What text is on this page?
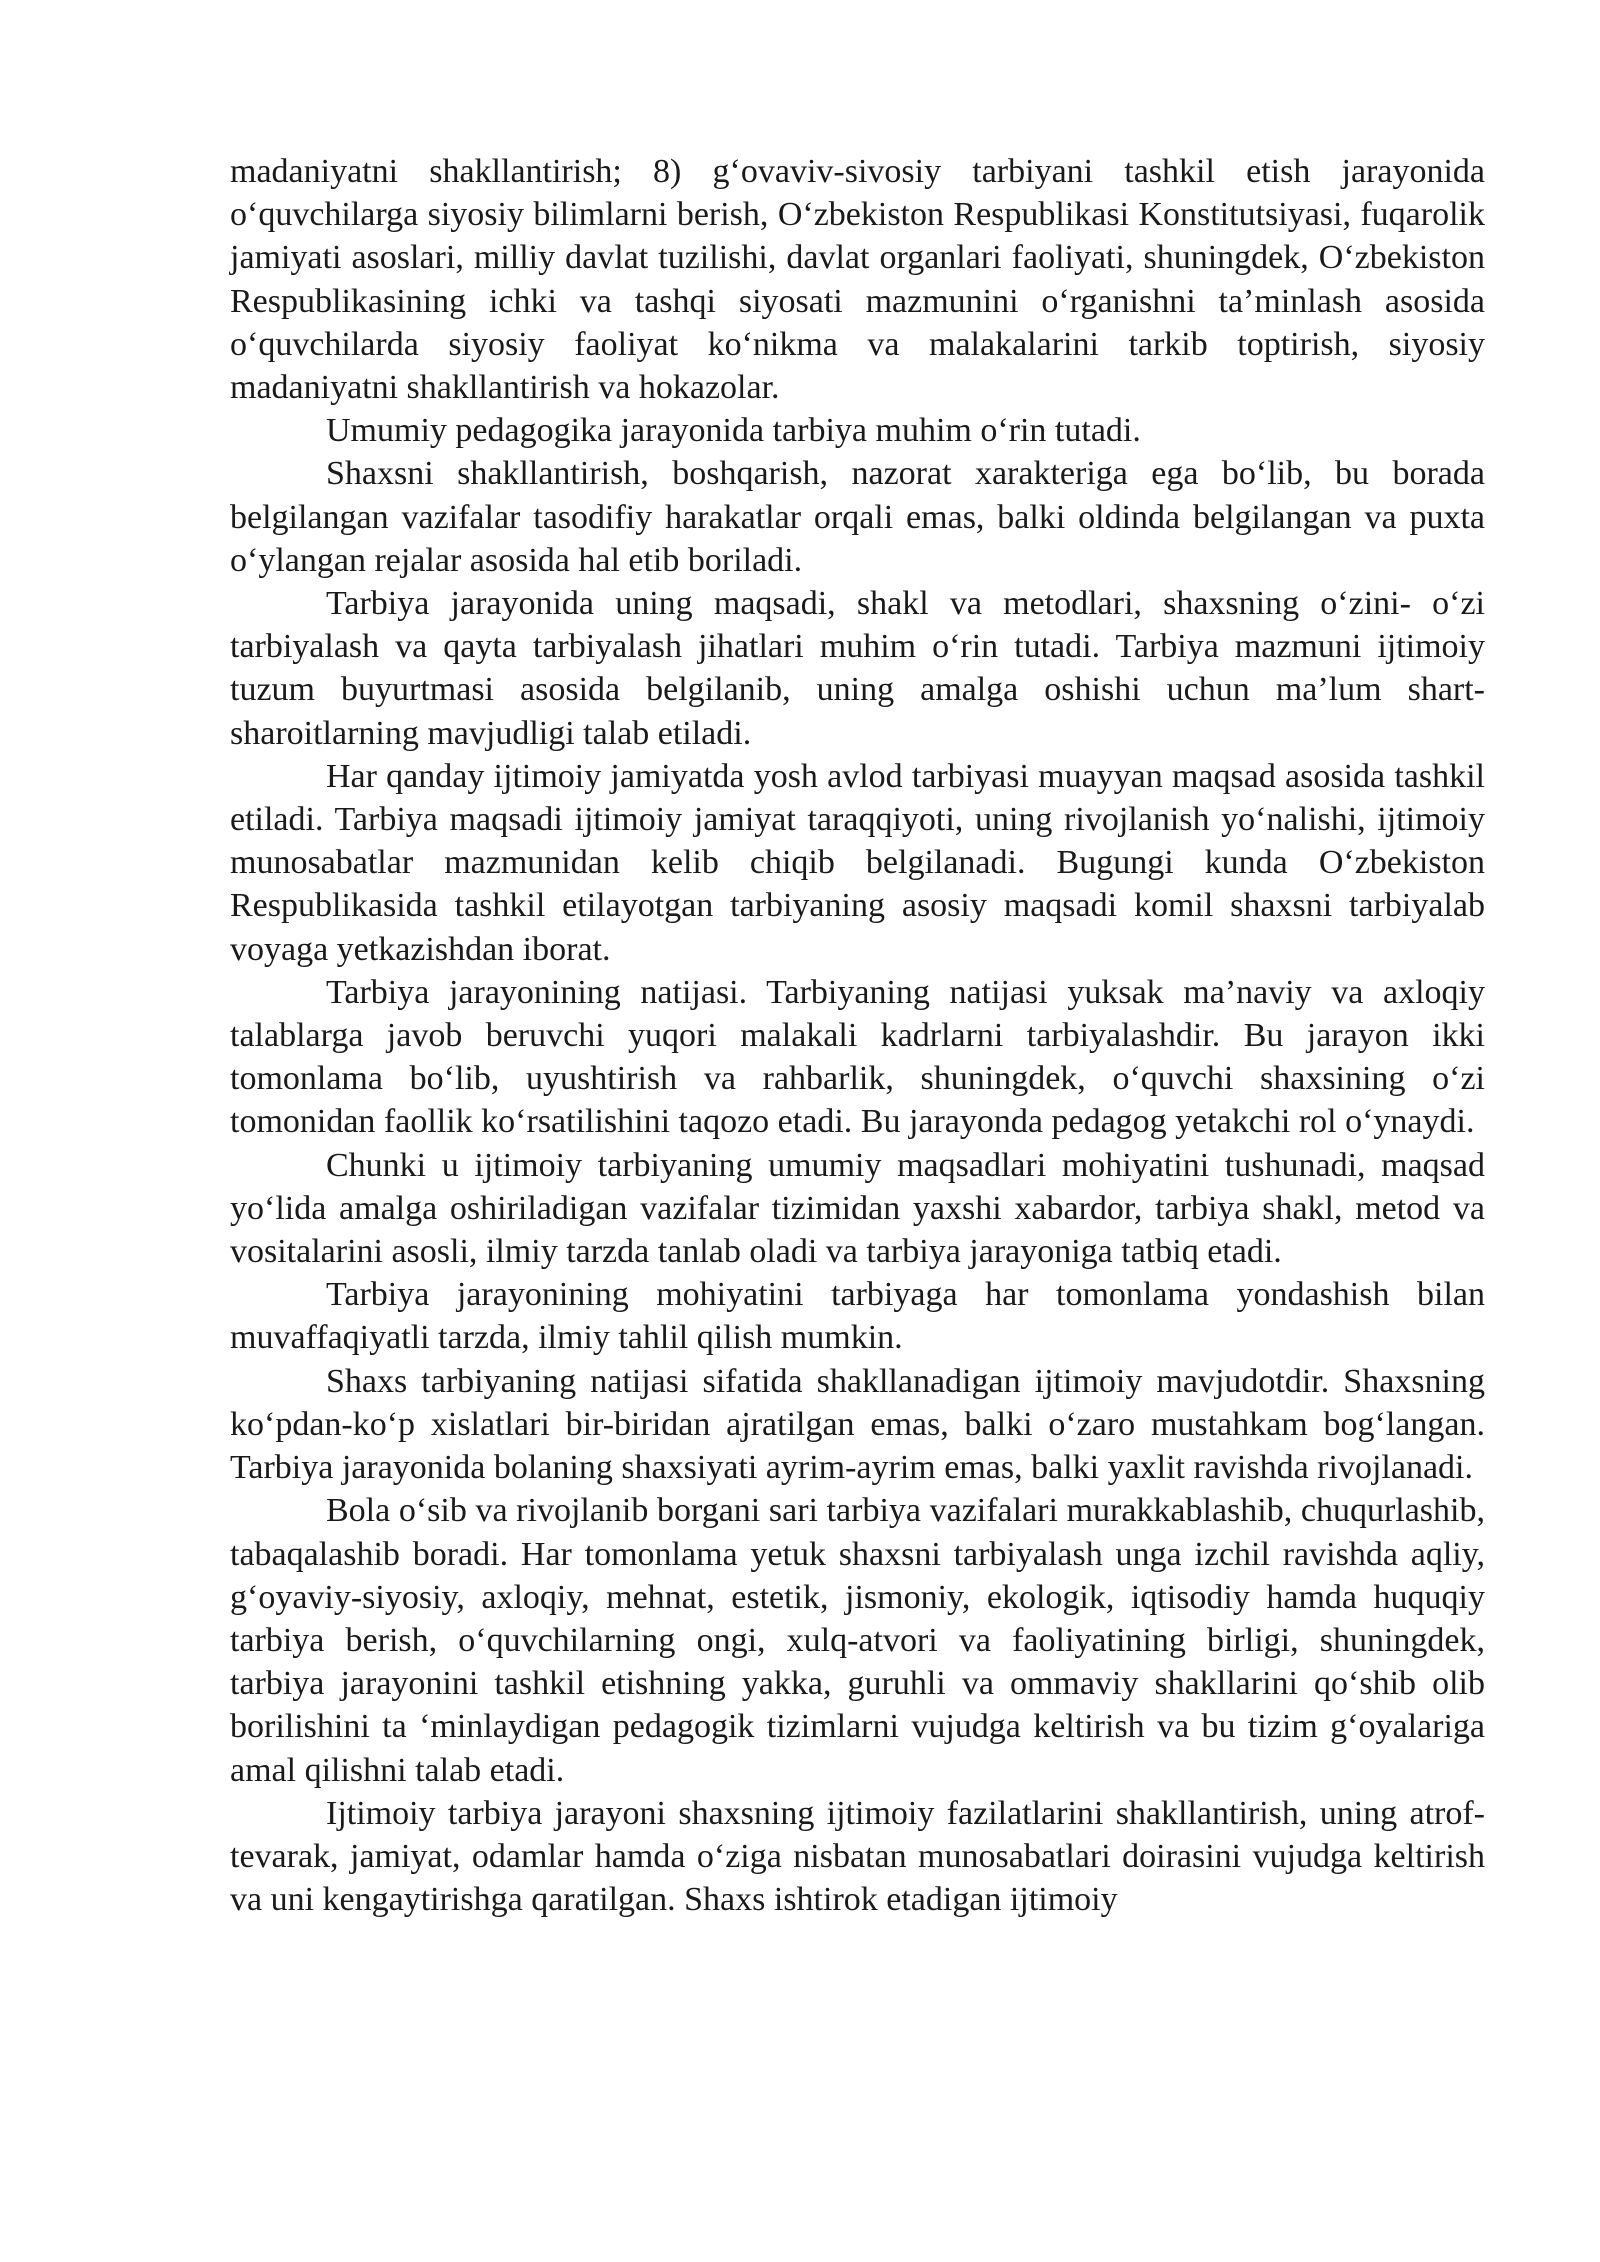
madaniyatni shakllantirish; 8) g‘ovaviv-sivosiy tarbiyani tashkil etish jarayonida o‘quvchilarga siyosiy bilimlarni berish, O‘zbekiston Respublikasi Konstitutsiyasi, fuqarolik jamiyati asoslari, milliy davlat tuzilishi, davlat organlari faoliyati, shuningdek, O‘zbekiston Respublikasining ichki va tashqi siyosati mazmunini o‘rganishni ta’minlash asosida o‘quvchilarda siyosiy faoliyat ko‘nikma va malakalarini tarkib toptirish, siyosiy madaniyatni shakllantirish va hokazolar.

Umumiy pedagogika jarayonida tarbiya muhim o‘rin tutadi.

Shaxsni shakllantirish, boshqarish, nazorat xarakteriga ega bo‘lib, bu borada belgilangan vazifalar tasodifiy harakatlar orqali emas, balki oldinda belgilangan va puxta o‘ylangan rejalar asosida hal etib boriladi.

Tarbiya jarayonida uning maqsadi, shakl va metodlari, shaxsning o‘zini- o‘zi tarbiyalash va qayta tarbiyalash jihatlari muhim o‘rin tutadi. Tarbiya mazmuni ijtimoiy tuzum buyurtmasi asosida belgilanib, uning amalga oshishi uchun ma’lum shart-sharoitlarning mavjudligi talab etiladi.

Har qanday ijtimoiy jamiyatda yosh avlod tarbiyasi muayyan maqsad asosida tashkil etiladi. Tarbiya maqsadi ijtimoiy jamiyat taraqqiyoti, uning rivojlanish yo‘nalishi, ijtimoiy munosabatlar mazmunidan kelib chiqib belgilanadi. Bugungi kunda O‘zbekiston Respublikasida tashkil etilayotgan tarbiyaning asosiy maqsadi komil shaxsni tarbiyalab voyaga yetkazishdan iborat.

Tarbiya jarayonining natijasi. Tarbiyaning natijasi yuksak ma’naviy va axloqiy talablarga javob beruvchi yuqori malakali kadrlarni tarbiyalashdir. Bu jarayon ikki tomonlama bo‘lib, uyushtirish va rahbarlik, shuningdek, o‘quvchi shaxsining o‘zi tomonidan faollik ko‘rsatilishini taqozo etadi. Bu jarayonda pedagog yetakchi rol o‘ynaydi.

Chunki u ijtimoiy tarbiyaning umumiy maqsadlari mohiyatini tushunadi, maqsad yo‘lida amalga oshiriladigan vazifalar tizimidan yaxshi xabardor, tarbiya shakl, metod va vositalarini asosli, ilmiy tarzda tanlab oladi va tarbiya jarayoniga tatbiq etadi.

Tarbiya jarayonining mohiyatini tarbiyaga har tomonlama yondashish bilan muvaffaqiyatli tarzda, ilmiy tahlil qilish mumkin.

Shaxs tarbiyaning natijasi sifatida shakllanadigan ijtimoiy mavjudotdir. Shaxsning ko‘pdan-ko‘p xislatlari bir-biridan ajratilgan emas, balki o‘zaro mustahkam bog‘langan. Tarbiya jarayonida bolaning shaxsiyati ayrim-ayrim emas, balki yaxlit ravishda rivojlanadi.

Bola o‘sib va rivojlanib borgani sari tarbiya vazifalari murakkablashib, chuqurlashib, tabaqalashib boradi. Har tomonlama yetuk shaxsni tarbiyalash unga izchil ravishda aqliy, g‘oyaviy-siyosiy, axloqiy, mehnat, estetik, jismoniy, ekologik, iqtisodiy hamda huquqiy tarbiya berish, o‘quvchilarning ongi, xulq-atvori va faoliyatining birligi, shuningdek, tarbiya jarayonini tashkil etishning yakka, guruhli va ommaviy shakllarini qo‘shib olib borilishini ta ‘minlaydigan pedagogik tizimlarni vujudga keltirish va bu tizim g‘oyalariga amal qilishni talab etadi.

Ijtimoiy tarbiya jarayoni shaxsning ijtimoiy fazilatlarini shakllantirish, uning atrof-tevarak, jamiyat, odamlar hamda o‘ziga nisbatan munosabatlari doirasini vujudga keltirish va uni kengaytirishga qaratilgan. Shaxs ishtirok etadigan ijtimoiy
